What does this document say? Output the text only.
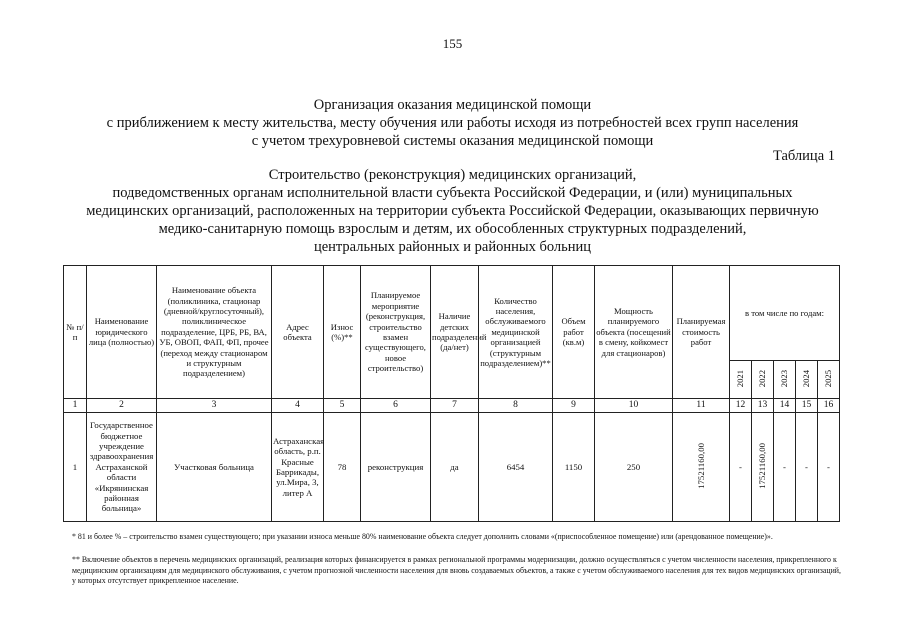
155
Организация оказания медицинской помощи
с приближением к месту жительства, месту обучения или работы исходя из потребностей всех групп населения
с учетом трехуровневой системы оказания медицинской помощи
Таблица 1
Строительство (реконструкция) медицинских организаций,
подведомственных органам исполнительной власти субъекта Российской Федерации, и (или) муниципальных
медицинских организаций, расположенных на территории субъекта Российской Федерации, оказывающих первичную
медико-санитарную помощь взрослым и детям, их обособленных структурных подразделений,
центральных районных и районных больниц
№ п/ п	Наименование юридического лица (полностью)	Наименование объекта (поликлиника, стационар (дневной/круглосуточный), поликлиническое подразделение, ЦРБ, РБ, ВА, УБ, ОВОП, ФАП, ФП, прочее (переход между стационаром и структурным подразделением)	Адрес объекта	Износ (%)**	Планируемое мероприятие (реконструкция, строительство взамен существующего, новое строительство)	Наличие детских подразделений (да/нет)	Количество населения, обслуживаемого медицинской организацией (структурным подразделением)**	Объем работ (кв.м)	Мощность планируемого объекта (посещений в смену, койкомест для стационаров)	Планируемая стоимость работ	в том числе по годам:				
											2021	2022	2023	2024	2025
1	2	3	4	5	6	7	8	9	10	11	12	13	14	15	16
1	Государственное бюджетное учреждение здравоохранения Астраханской области «Икрянинская районная больница»	Участковая больница	Астраханская область, р.п. Красные Баррикады, ул.Мира, 3, литер А	78	реконструкция	да	6454	1150	250	17521160,00	-	17521160,00	-	-	-
* 81 и более % – строительство взамен существующего; при указании износа меньше 80% наименование объекта следует дополнить словами «(приспособленное помещение) или (арендованное помещение)».
** Включение объектов в перечень медицинских организаций, реализация которых финансируется в рамках региональной программы модернизации, должно осуществляться с учетом численности населения, прикрепленного к медицинским организациям для медицинского обслуживания, с учетом прогнозной численности населения для вновь создаваемых объектов, а также с учетом обслуживаемого населения для тех видов медицинских организаций, у которых отсутствует прикрепленное население.
